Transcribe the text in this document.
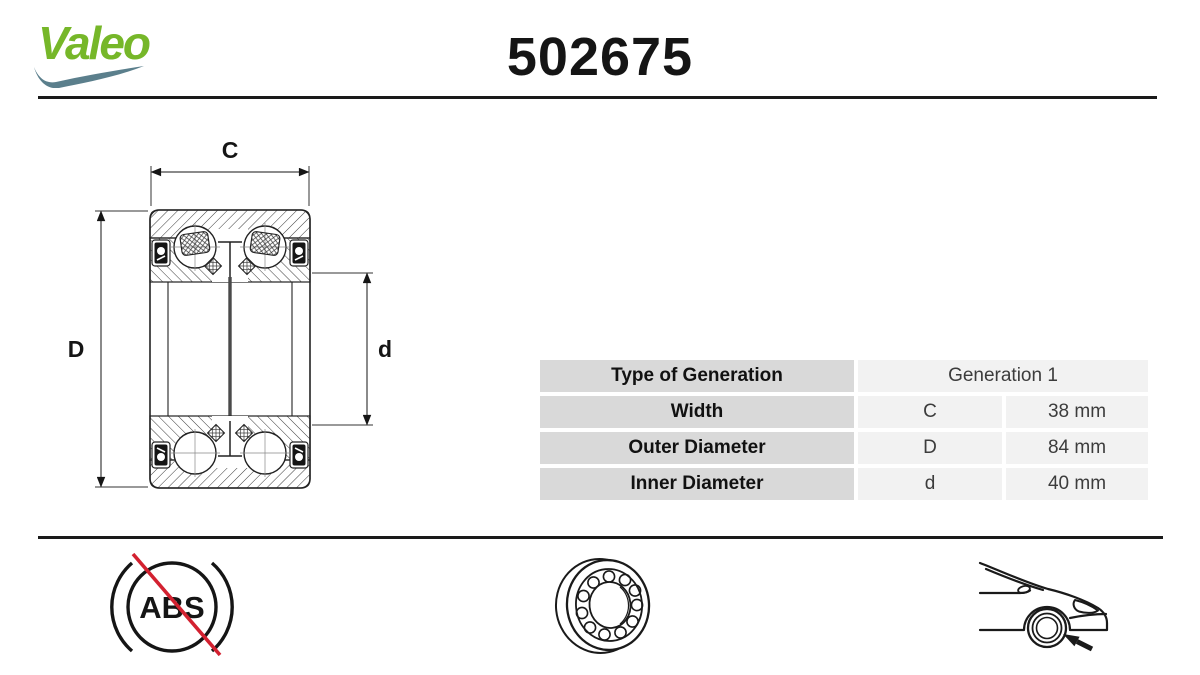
Valeo	502675
C
D	d
Type of Generation	Generation 1
Width	C	38 mm
Outer Diameter	D	84 mm
Inner Diameter	d	40 mm
ABS
